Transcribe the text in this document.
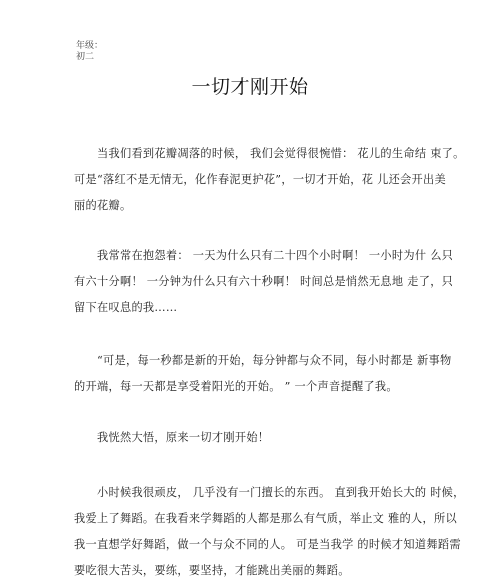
年级：
初二
一切才刚开始
　　当我们看到花瓣凋落的时候， 我们会觉得很惋惜： 花儿的生命结 束了。
可是“落红不是无情无，化作春泥更护花”，一切才开始，花 儿还会开出美
丽的花瓣。
　　我常常在抱怨着： 一天为什么只有二十四个小时啊！ 一小时为什 么只
有六十分啊！ 一分钟为什么只有六十秒啊！ 时间总是悄然无息地 走了，只
留下在叹息的我……
　　“可是，每一秒都是新的开始，每分钟都与众不同，每小时都是 新事物
的开端，每一天都是享受着阳光的开始。 ” 一个声音提醒了我。
　　我恍然大悟，原来一切才刚开始！
　　小时候我很顽皮， 几乎没有一门擅长的东西。 直到我开始长大的 时候，
我爱上了舞蹈。在我看来学舞蹈的人都是那么有气质，举止文 雅的人，所以
我一直想学好舞蹈，做一个与众不同的人。 可是当我学 的时候才知道舞蹈需
要吃很大苦头，要练，要坚持，才能跳出美丽的舞蹈。
